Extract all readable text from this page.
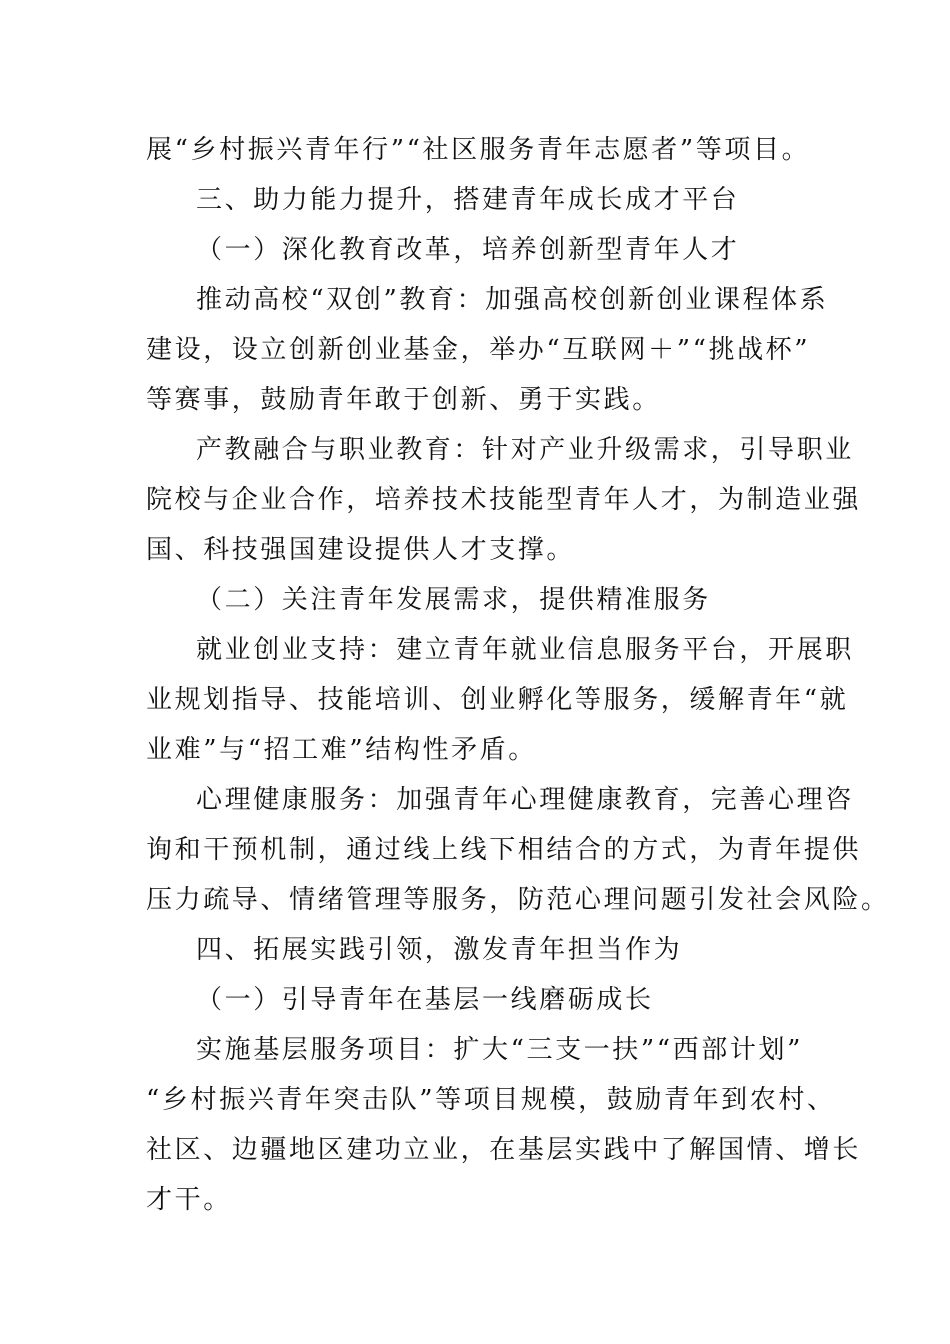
展“乡村振兴青年行”“社区服务青年志愿者”等项目。
三、助力能力提升，搭建青年成长成才平台
（一）深化教育改革，培养创新型青年人才
推动高校“双创”教育：加强高校创新创业课程体系
建设，设立创新创业基金，举办“互联网＋”“挑战杯”
等赛事，鼓励青年敢于创新、勇于实践。
产教融合与职业教育：针对产业升级需求，引导职业
院校与企业合作，培养技术技能型青年人才，为制造业强
国、科技强国建设提供人才支撑。
（二）关注青年发展需求，提供精准服务
就业创业支持：建立青年就业信息服务平台，开展职
业规划指导、技能培训、创业孵化等服务，缓解青年“就
业难”与“招工难”结构性矛盾。
心理健康服务：加强青年心理健康教育，完善心理咨
询和干预机制，通过线上线下相结合的方式，为青年提供
压力疏导、情绪管理等服务，防范心理问题引发社会风险。
四、拓展实践引领，激发青年担当作为
（一）引导青年在基层一线磨砺成长
实施基层服务项目：扩大“三支一扶”“西部计划”
“乡村振兴青年突击队”等项目规模，鼓励青年到农村、
社区、边疆地区建功立业，在基层实践中了解国情、增长
才干。
